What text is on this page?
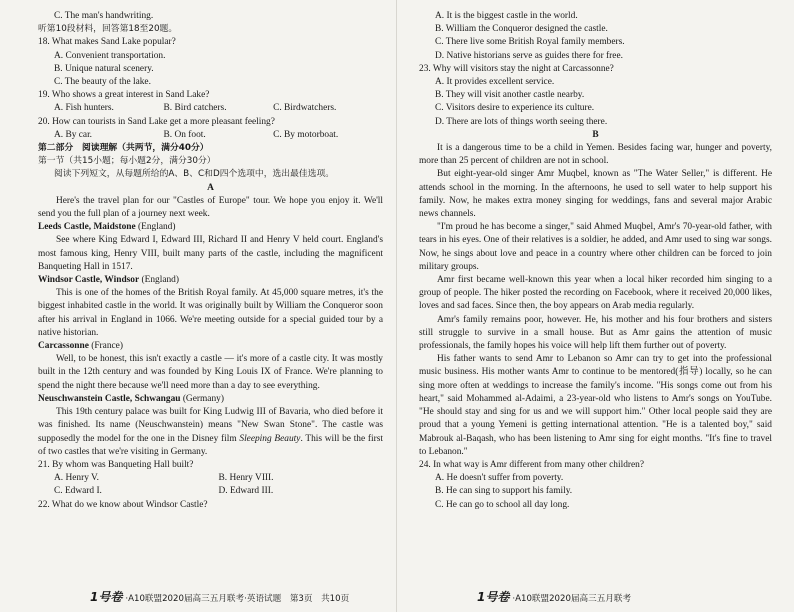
C. The man's handwriting.

听第10段材料，回答第18至20题。

18. What makes Sand Lake popular?

A. Convenient transportation.

B. Unique natural scenery.

C. The beauty of the lake.

19. Who shows a great interest in Sand Lake?

A. Fish hunters.	B. Bird catchers.	C. Birdwatchers.

20. How can tourists in Sand Lake get a more pleasant feeling?

A. By car.	B. On foot.	C. By motorboat.

第二部分　阅读理解（共两节，满分40分）

第一节（共15小题；每小题2分，满分30分）

阅读下列短文，从每题所给的A、B、C和D四个选项中，选出最佳选项。

A

Here's the travel plan for our "Castles of Europe" tour. We hope you enjoy it. We'll send you the full plan of a journey next week.

Leeds Castle, Maidstone (England)

See where King Edward I, Edward III, Richard II and Henry V held court. England's most famous king, Henry VIII, built many parts of the castle, including the magnificent Banqueting Hall in 1517.

Windsor Castle, Windsor (England)

This is one of the homes of the British Royal family. At 45,000 square metres, it's the biggest inhabited castle in the world. It was originally built by William the Conqueror soon after his arrival in England in 1066. We're meeting outside for a special guided tour by a native historian.

Carcassonne (France)

Well, to be honest, this isn't exactly a castle — it's more of a castle city. It was mostly built in the 12th century and was founded by King Louis IX of France. We're planning to spend the night there because we'll need more than a day to see everything.

Neuschwanstein Castle, Schwangau (Germany)

This 19th century palace was built for King Ludwig III of Bavaria, who died before it was finished. Its name (Neuschwanstein) means "New Swan Stone". The castle was supposedly the model for the one in the Disney film Sleeping Beauty. This will be the first of two castles that we're visiting in Germany.

21. By whom was Banqueting Hall built?

A. Henry V.	B. Henry VIII.
C. Edward I.	D. Edward III.

22. What do we know about Windsor Castle?

1号卷 ·A10联盟2020届高三五月联考·英语试题　第3页　共10页

A. It is the biggest castle in the world.

B. William the Conqueror designed the castle.

C. There live some British Royal family members.

D. Native historians serve as guides there for free.

23. Why will visitors stay the night at Carcassonne?

A. It provides excellent service.

B. They will visit another castle nearby.

C. Visitors desire to experience its culture.

D. There are lots of things worth seeing there.

B

It is a dangerous time to be a child in Yemen. Besides facing war, hunger and poverty, more than 25 percent of children are not in school.

But eight-year-old singer Amr Muqbel, known as "The Water Seller," is different. He attends school in the morning. In the afternoons, he used to sell water to help support his family. Now, he makes extra money singing for weddings, fans and several major Arabic news channels.

"I'm proud he has become a singer," said Ahmed Muqbel, Amr's 70-year-old father, with tears in his eyes. One of their relatives is a soldier, he added, and Amr used to sing war songs. Now, he sings about love and peace in a country where other children can be forced to join military groups.

Amr first became well-known this year when a local hiker recorded him singing to a group of people. The hiker posted the recording on Facebook, where it received 20,000 likes, loves and sad faces. Since then, the boy appears on Arab media regularly.

Amr's family remains poor, however. He, his mother and his four brothers and sisters still struggle to survive in a small house. But as Amr gains the attention of music professionals, the family hopes his voice will help lift them further out of poverty.

His father wants to send Amr to Lebanon so Amr can try to get into the professional music business. His mother wants Amr to continue to be mentored(指导) locally, so he can sing more often at weddings to increase the family's income. "His songs come out from his heart," said Mohammed al-Adaimi, a 23-year-old who listens to Amr's songs on YouTube. "He should stay and sing for us and we will support him." Other local people said they are proud that a young Yemeni is getting international attention. "He is a talented boy," said Mabrouk al-Baqash, who has been listening to Amr sing for eight months. "It's fine to travel to Lebanon."

24. In what way is Amr different from many other children?

A. He doesn't suffer from poverty.

B. He can sing to support his family.

C. He can go to school all day long.

1号卷 ·A10联盟2020届高三五月联考
